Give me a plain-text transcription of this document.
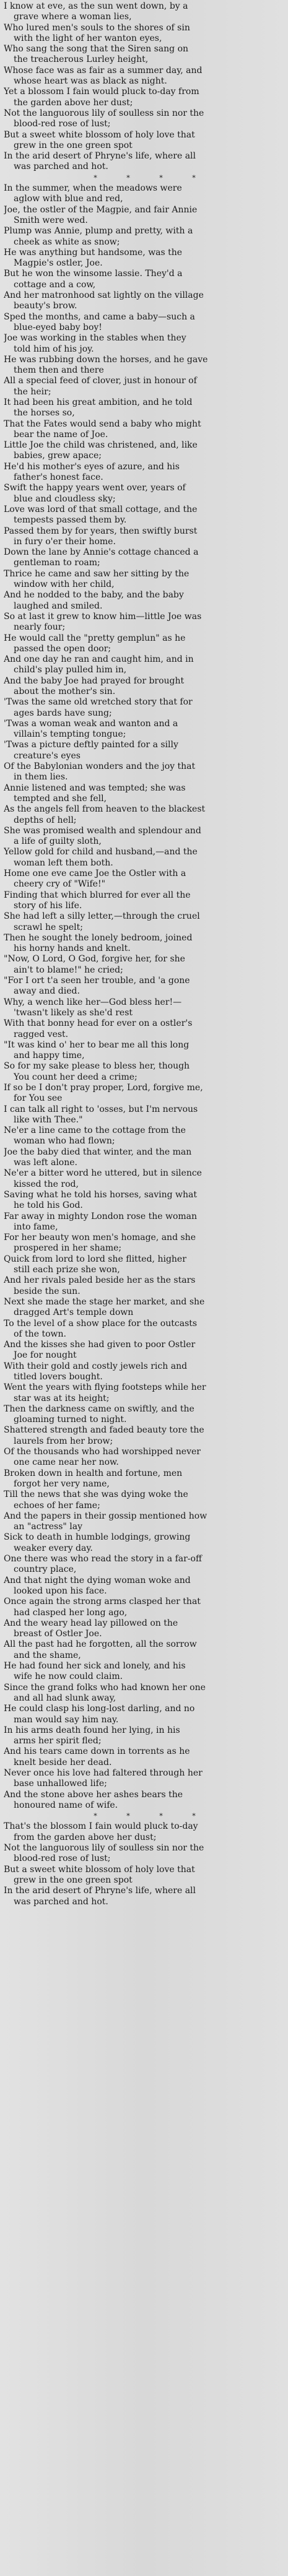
I know at eve, as the sun went down, by a
grave where a woman lies,
Who lured men's souls to the shores of sin
with the light of her wanton eyes,
Who sang the song that the Siren sang on
the treacherous Lurley height,
Whose face was as fair as a summer day, and
whose heart was as black as night.
Yet a blossom I fain would pluck to-day from
the garden above her dust;
Not the languorous lily of soulless sin nor the
blood-red rose of lust;
But a sweet white blossom of holy love that
grew in the one green spot
In the arid desert of Phryne's life, where all
was parched and hot.
* * * *
In the summer, when the meadows were
aglow with blue and red,
Joe, the ostler of the Magpie, and fair Annie
Smith were wed.
Plump was Annie, plump and pretty, with a
cheek as white as snow;
He was anything but handsome, was the
Magpie's ostler, Joe.
But he won the winsome lassie. They'd a
cottage and a cow,
And her matronhood sat lightly on the village
beauty's brow.
Sped the months, and came a baby—such a
blue-eyed baby boy!
Joe was working in the stables when they
told him of his joy.
He was rubbing down the horses, and he gave
them then and there
All a special feed of clover, just in honour of
the heir;
It had been his great ambition, and he told
the horses so,
That the Fates would send a baby who might
bear the name of Joe.
Little Joe the child was christened, and, like
babies, grew apace;
He'd his mother's eyes of azure, and his
father's honest face.
Swift the happy years went over, years of
blue and cloudless sky;
Love was lord of that small cottage, and the
tempests passed them by.
Passed them by for years, then swiftly burst
in fury o'er their home.
Down the lane by Annie's cottage chanced a
gentleman to roam;
Thrice he came and saw her sitting by the
window with her child,
And he nodded to the baby, and the baby
laughed and smiled.
So at last it grew to know him—little Joe was
nearly four;
He would call the "pretty gemplun" as he
passed the open door;
And one day he ran and caught him, and in
child's play pulled him in,
And the baby Joe had prayed for brought
about the mother's sin.
'Twas the same old wretched story that for
ages bards have sung;
'Twas a woman weak and wanton and a
villain's tempting tongue;
'Twas a picture deftly painted for a silly
creature's eyes
Of the Babylonian wonders and the joy that
in them lies.
Annie listened and was tempted; she was
tempted and she fell,
As the angels fell from heaven to the blackest
depths of hell;
She was promised wealth and splendour and
a life of guilty sloth,
Yellow gold for child and husband,—and the
woman left them both.
Home one eve came Joe the Ostler with a
cheery cry of "Wife!"
Finding that which blurred for ever all the
story of his life.
She had left a silly letter,—through the cruel
scrawl he spelt;
Then he sought the lonely bedroom, joined
his horny hands and knelt.
"Now, O Lord, O God, forgive her, for she
ain't to blame!" he cried;
"For I ort t'a seen her trouble, and 'a gone
away and died.
Why, a wench like her—God bless her!—
'twasn't likely as she'd rest
With that bonny head for ever on a ostler's
ragged vest.
"It was kind o' her to bear me all this long
and happy time,
So for my sake please to bless her, though
You count her deed a crime;
If so be I don't pray proper, Lord, forgive me,
for You see
I can talk all right to 'osses, but I'm nervous
like with Thee."
Ne'er a line came to the cottage from the
woman who had flown;
Joe the baby died that winter, and the man
was left alone.
Ne'er a bitter word he uttered, but in silence
kissed the rod,
Saving what he told his horses, saving what
he told his God.
Far away in mighty London rose the woman
into fame,
For her beauty won men's homage, and she
prospered in her shame;
Quick from lord to lord she flitted, higher
still each prize she won,
And her rivals paled beside her as the stars
beside the sun.
Next she made the stage her market, and she
dragged Art's temple down
To the level of a show place for the outcasts
of the town.
And the kisses she had given to poor Ostler
Joe for nought
With their gold and costly jewels rich and
titled lovers bought.
Went the years with flying footsteps while her
star was at its height;
Then the darkness came on swiftly, and the
gloaming turned to night.
Shattered strength and faded beauty tore the
laurels from her brow;
Of the thousands who had worshipped never
one came near her now.
Broken down in health and fortune, men
forgot her very name,
Till the news that she was dying woke the
echoes of her fame;
And the papers in their gossip mentioned how
an "actress" lay
Sick to death in humble lodgings, growing
weaker every day.
One there was who read the story in a far-off
country place,
And that night the dying woman woke and
looked upon his face.
Once again the strong arms clasped her that
had clasped her long ago,
And the weary head lay pillowed on the
breast of Ostler Joe.
All the past had he forgotten, all the sorrow
and the shame,
He had found her sick and lonely, and his
wife he now could claim.
Since the grand folks who had known her one
and all had slunk away,
He could clasp his long-lost darling, and no
man would say him nay.
In his arms death found her lying, in his
arms her spirit fled;
And his tears came down in torrents as he
knelt beside her dead.
Never once his love had faltered through her
base unhallowed life;
And the stone above her ashes bears the
honoured name of wife.
* * * *
That's the blossom I fain would pluck to-day
from the garden above her dust;
Not the languorous lily of soulless sin nor the
blood-red rose of lust;
But a sweet white blossom of holy love that
grew in the one green spot
In the arid desert of Phryne's life, where all
was parched and hot.
